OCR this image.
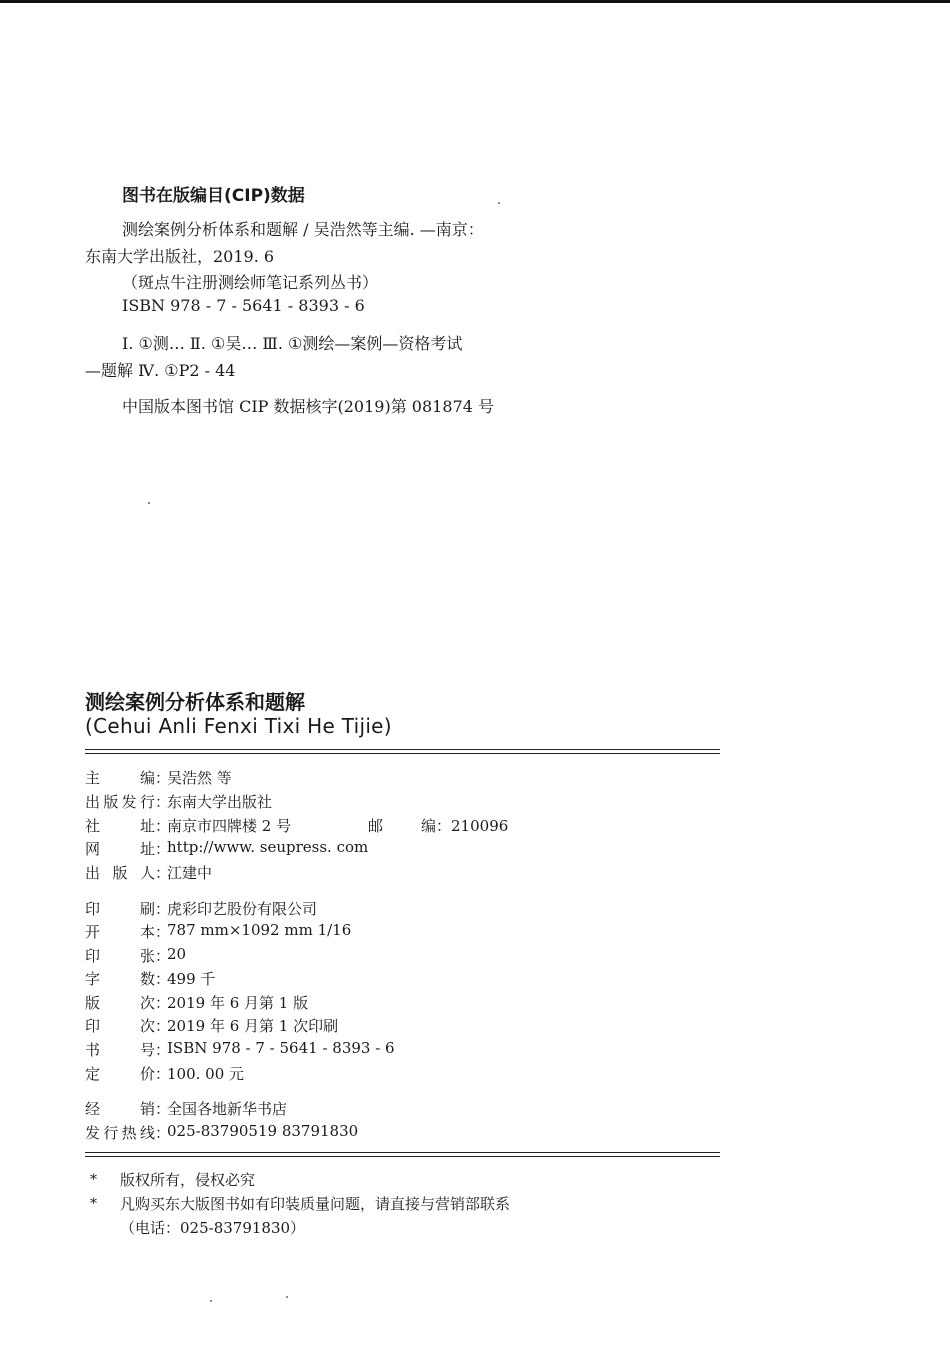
图书在版编目(CIP)数据
测绘案例分析体系和题解 / 吴浩然等主编. —南京：
东南大学出版社，2019. 6
（斑点牛注册测绘师笔记系列丛书）
ISBN 978 - 7 - 5641 - 8393 - 6
Ⅰ. ①测… Ⅱ. ①吴… Ⅲ. ①测绘—案例—资格考试
—题解 Ⅳ. ①P2 - 44
中国版本图书馆 CIP 数据核字(2019)第 081874 号
测绘案例分析体系和题解
(Cehui Anli Fenxi Tixi He Tijie)
主编 ：
吴浩然 等
出版发行 ：
东南大学出版社
社址 ：
南京市四牌楼 2 号	邮编：210096
网址 ：
http://www. seupress. com
出版人 ：
江建中
印刷 ：
虎彩印艺股份有限公司
开本 ：
787 mm×1092 mm 1/16
印张 ：
20
字数 ：
499 千
版次 ：
2019 年 6 月第 1 版
印次 ：
2019 年 6 月第 1 次印刷
书号 ：
ISBN 978 - 7 - 5641 - 8393 - 6
定价 ：
100. 00 元
经销 ：
全国各地新华书店
发行热线 ：
025-83790519 83791830
* 版权所有，侵权必究
* 凡购买东大版图书如有印装质量问题，请直接与营销部联系
（电话：025-83791830）
